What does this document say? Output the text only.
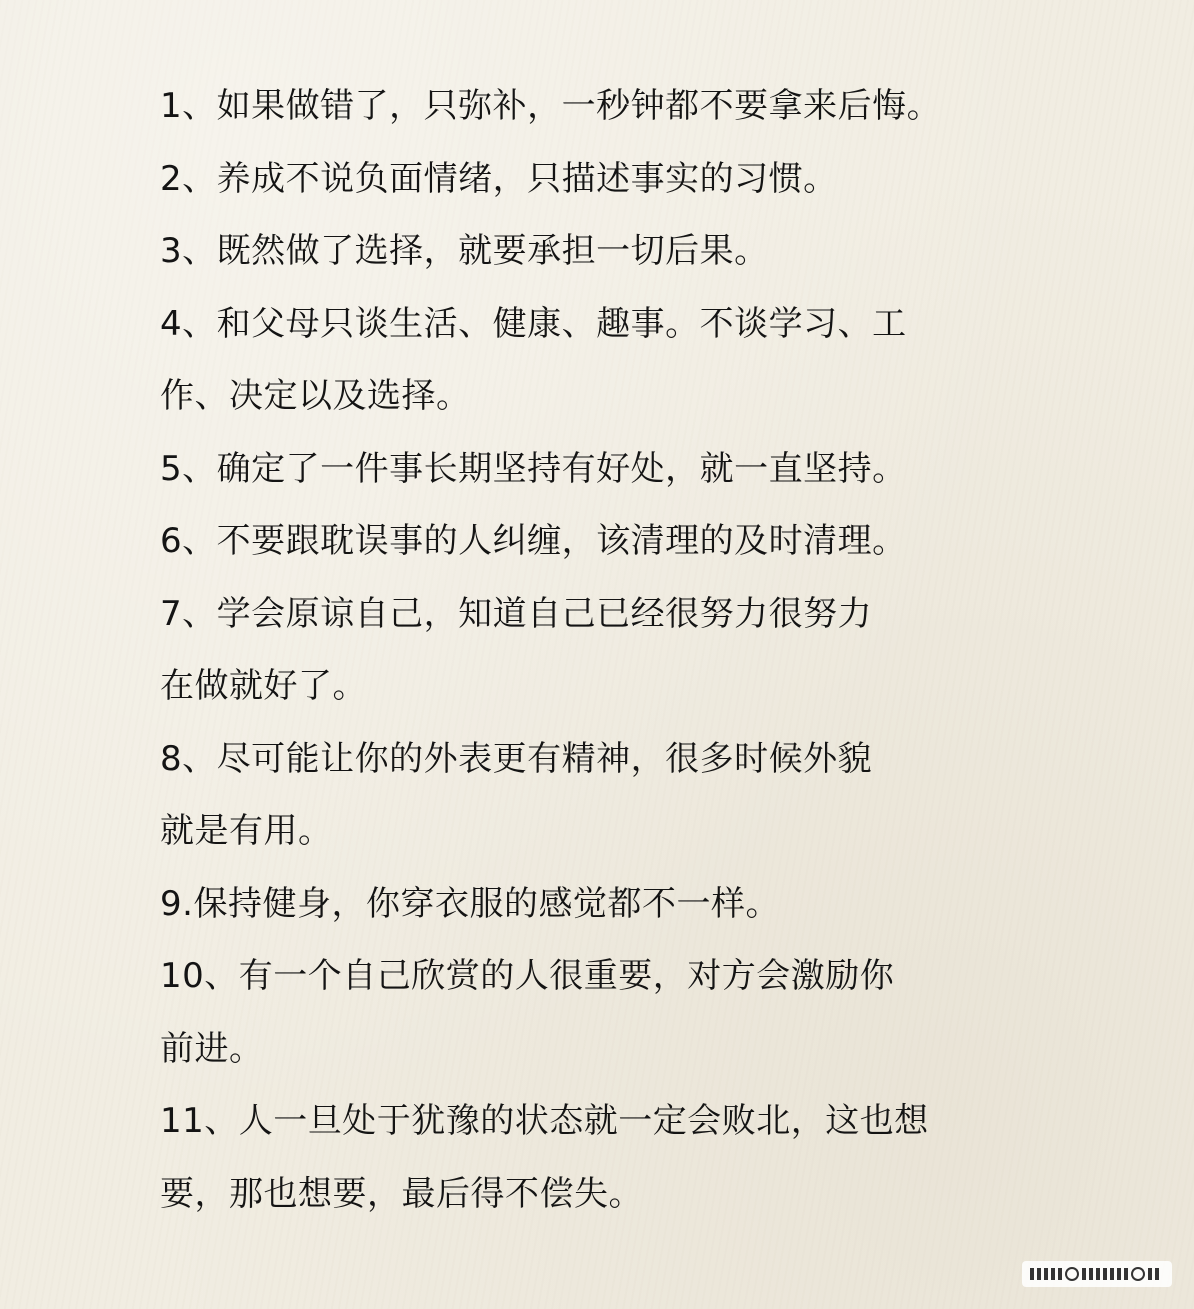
1、如果做错了，只弥补，一秒钟都不要拿来后悔。
2、养成不说负面情绪，只描述事实的习惯。
3、既然做了选择，就要承担一切后果。
4、和父母只谈生活、健康、趣事。不谈学习、工
作、决定以及选择。
5、确定了一件事长期坚持有好处，就一直坚持。
6、不要跟耽误事的人纠缠，该清理的及时清理。
7、学会原谅自己，知道自己已经很努力很努力
在做就好了。
8、尽可能让你的外表更有精神，很多时候外貌
就是有用。
9.保持健身，你穿衣服的感觉都不一样。
10、有一个自己欣赏的人很重要，对方会激励你
前进。
11、人一旦处于犹豫的状态就一定会败北，这也想
要，那也想要，最后得不偿失。
